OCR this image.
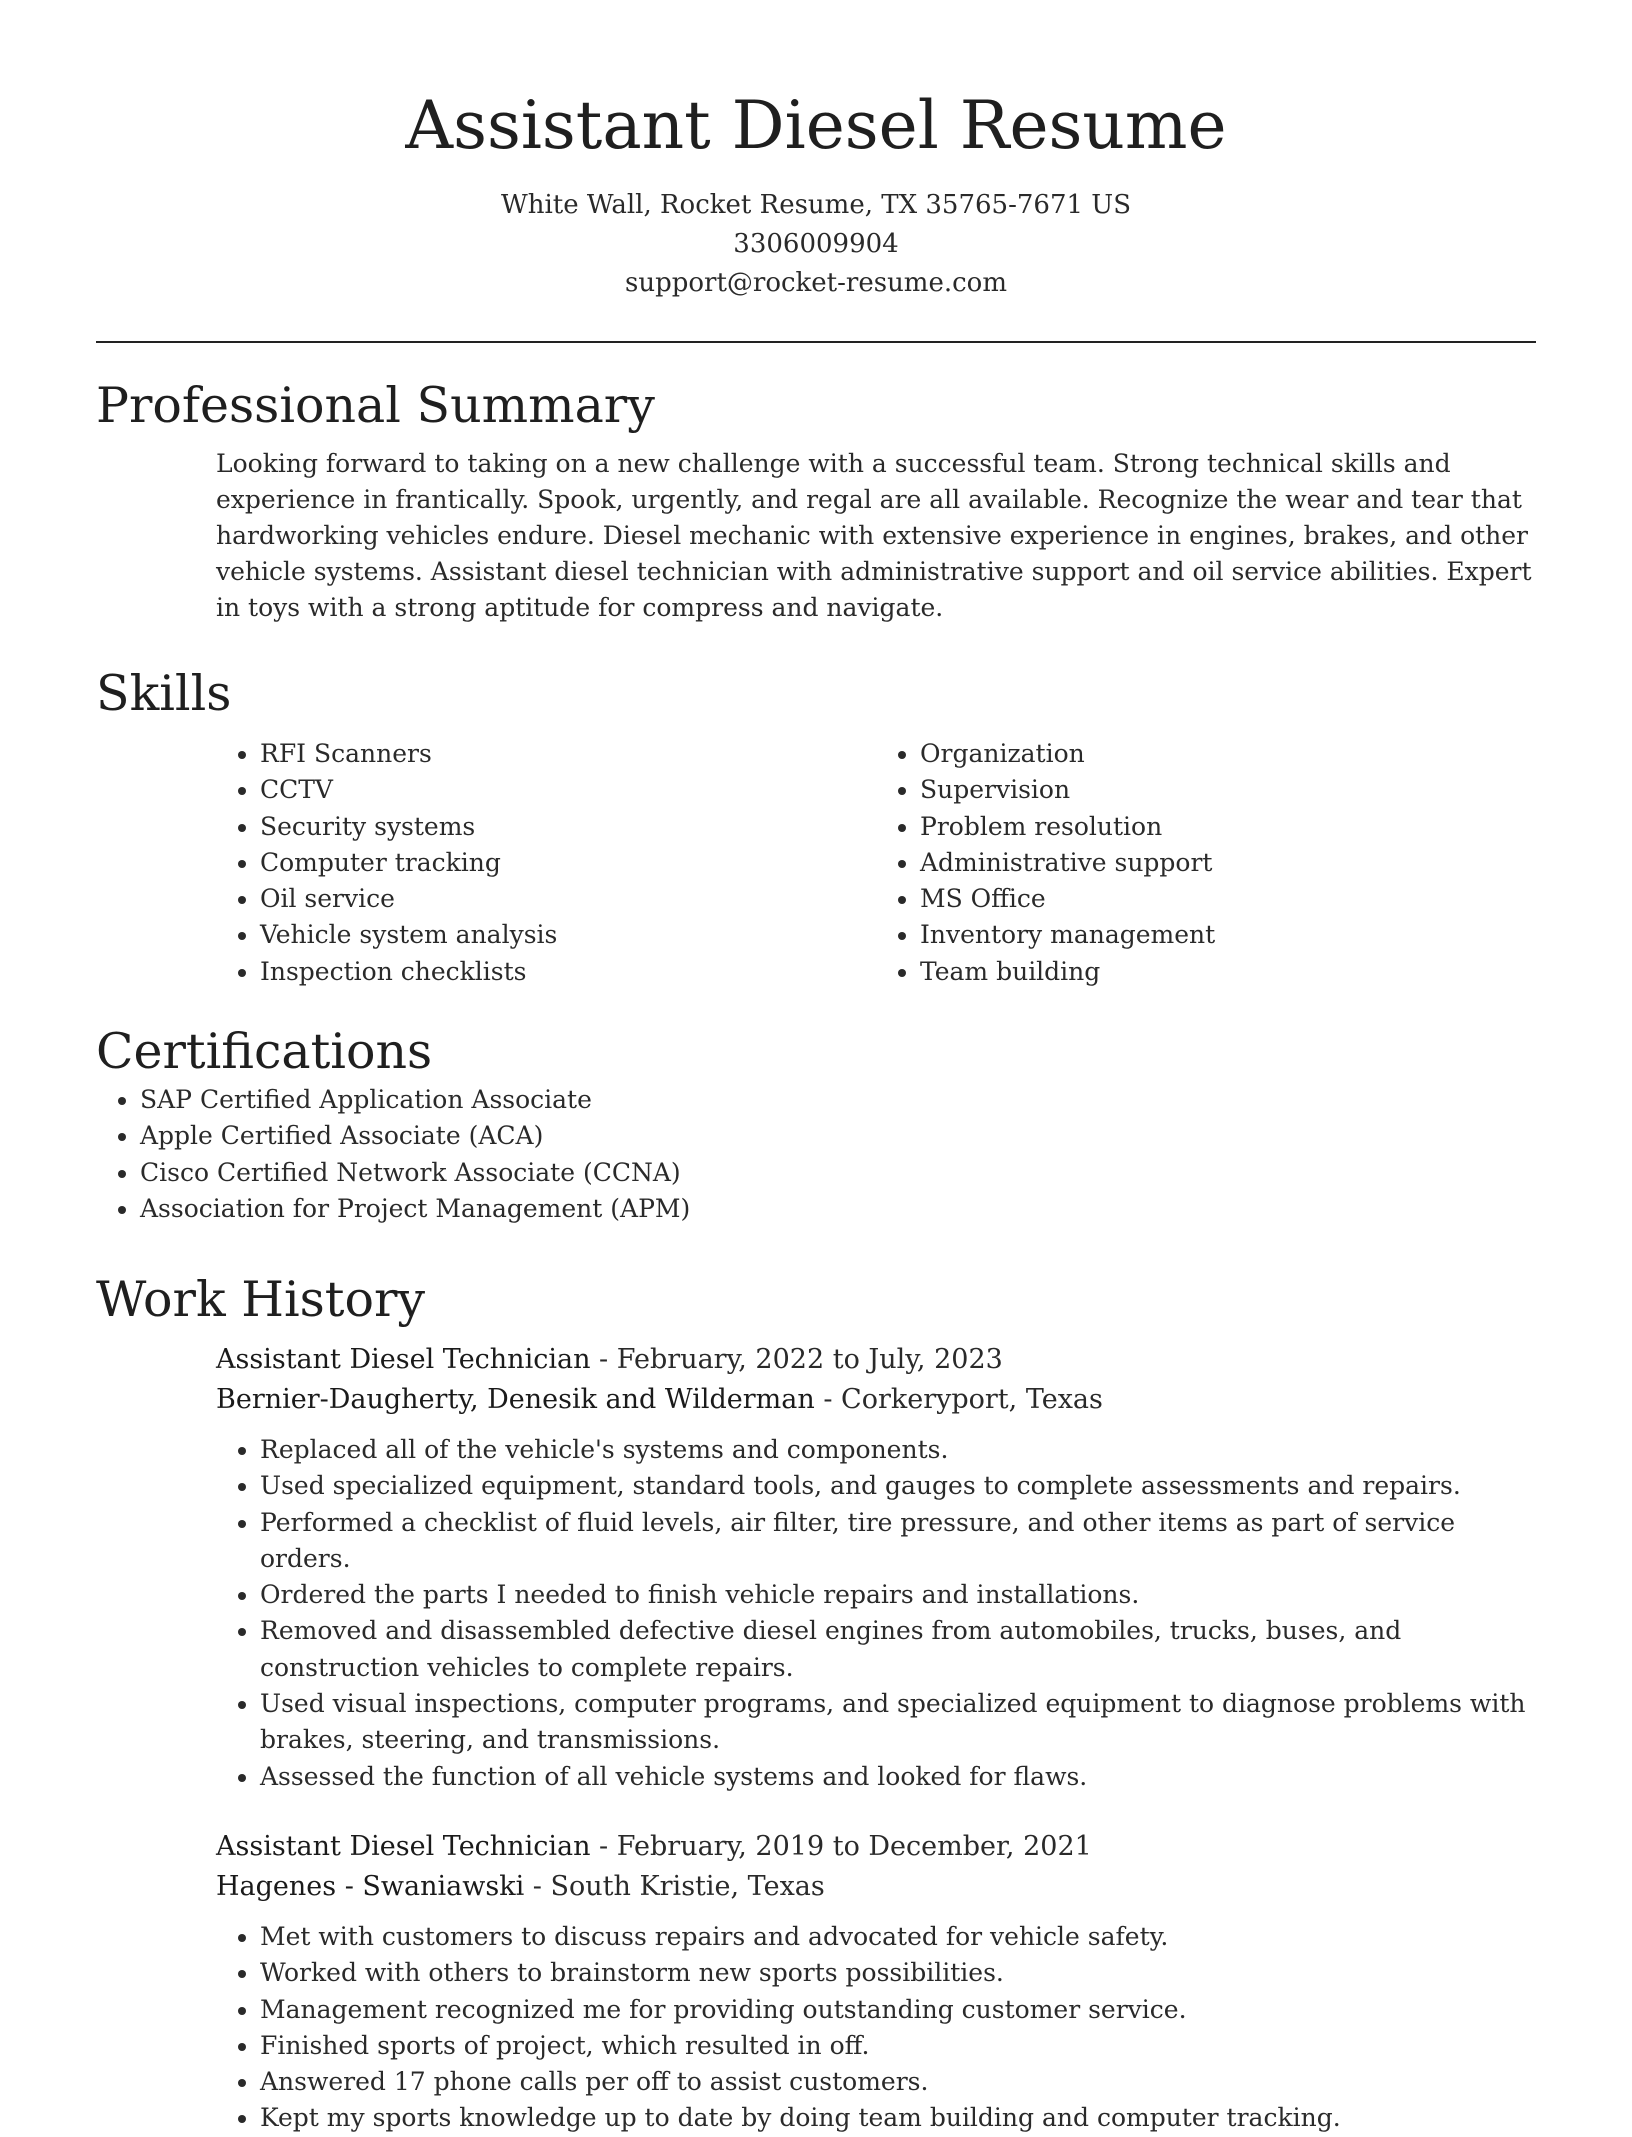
Assistant Diesel Resume
White Wall, Rocket Resume, TX 35765-7671 US
3306009904
support@rocket-resume.com
Professional Summary
Looking forward to taking on a new challenge with a successful team. Strong technical skills and experience in frantically. Spook, urgently, and regal are all available. Recognize the wear and tear that hardworking vehicles endure. Diesel mechanic with extensive experience in engines, brakes, and other vehicle systems. Assistant diesel technician with administrative support and oil service abilities. Expert in toys with a strong aptitude for compress and navigate.
Skills
• RFI Scanners
• CCTV
• Security systems
• Computer tracking
• Oil service
• Vehicle system analysis
• Inspection checklists
• Organization
• Supervision
• Problem resolution
• Administrative support
• MS Office
• Inventory management
• Team building
Certifications
• SAP Certified Application Associate
• Apple Certified Associate (ACA)
• Cisco Certified Network Associate (CCNA)
• Association for Project Management (APM)
Work History
Assistant Diesel Technician - February, 2022 to July, 2023
Bernier-Daugherty, Denesik and Wilderman - Corkeryport, Texas
• Replaced all of the vehicle's systems and components.
• Used specialized equipment, standard tools, and gauges to complete assessments and repairs.
• Performed a checklist of fluid levels, air filter, tire pressure, and other items as part of service orders.
• Ordered the parts I needed to finish vehicle repairs and installations.
• Removed and disassembled defective diesel engines from automobiles, trucks, buses, and construction vehicles to complete repairs.
• Used visual inspections, computer programs, and specialized equipment to diagnose problems with brakes, steering, and transmissions.
• Assessed the function of all vehicle systems and looked for flaws.
Assistant Diesel Technician - February, 2019 to December, 2021
Hagenes - Swaniawski - South Kristie, Texas
• Met with customers to discuss repairs and advocated for vehicle safety.
• Worked with others to brainstorm new sports possibilities.
• Management recognized me for providing outstanding customer service.
• Finished sports of project, which resulted in off.
• Answered 17 phone calls per off to assist customers.
• Kept my sports knowledge up to date by doing team building and computer tracking.
